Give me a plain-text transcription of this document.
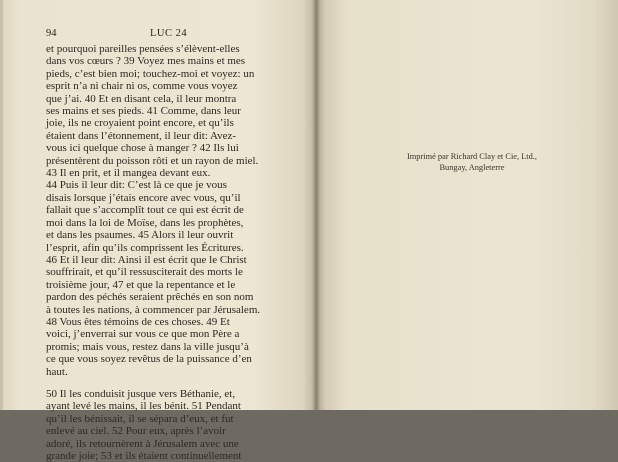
94	LUC 24
et pourquoi pareilles pensées s’élèvent-elles
dans vos cœurs ? 39 Voyez mes mains et mes
pieds, c’est bien moi; touchez-moi et voyez: un
esprit n’a ni chair ni os, comme vous voyez
que j’ai. 40 Et en disant cela, il leur montra
ses mains et ses pieds. 41 Comme, dans leur
joie, ils ne croyaient point encore, et qu’ils
étaient dans l’étonnement, il leur dit: Avez-
vous ici quelque chose à manger ? 42 Ils lui
présentèrent du poisson rôti et un rayon de miel.
43 Il en prit, et il mangea devant eux.
44 Puis il leur dit: C’est là ce que je vous
disais lorsque j’étais encore avec vous, qu’il
fallait que s’accomplît tout ce qui est écrit de
moi dans la loi de Moïse, dans les prophètes,
et dans les psaumes. 45 Alors il leur ouvrit
l’esprit, afin qu’ils comprissent les Écritures.
46 Et il leur dit: Ainsi il est écrit que le Christ
souffrirait, et qu’il ressusciterait des morts le
troisième jour, 47 et que la repentance et le
pardon des péchés seraient prêchés en son nom
à toutes les nations, à commencer par Jérusalem.
48 Vous êtes témoins de ces choses. 49 Et
voici, j’enverrai sur vous ce que mon Père a
promis; mais vous, restez dans la ville jusqu’à
ce que vous soyez revêtus de la puissance d’en
haut.
50 Il les conduisit jusque vers Béthanie, et,
ayant levé les mains, il les bénit. 51 Pendant
qu’il les bénissait, il se sépara d’eux, et fut
enlevé au ciel. 52 Pour eux, après l’avoir
adoré, ils retournèrent à Jérusalem avec une
grande joie; 53 et ils étaient continuellement
Imprimé par Richard Clay et Cie, Ltd.,
Bungay, Angleterre
